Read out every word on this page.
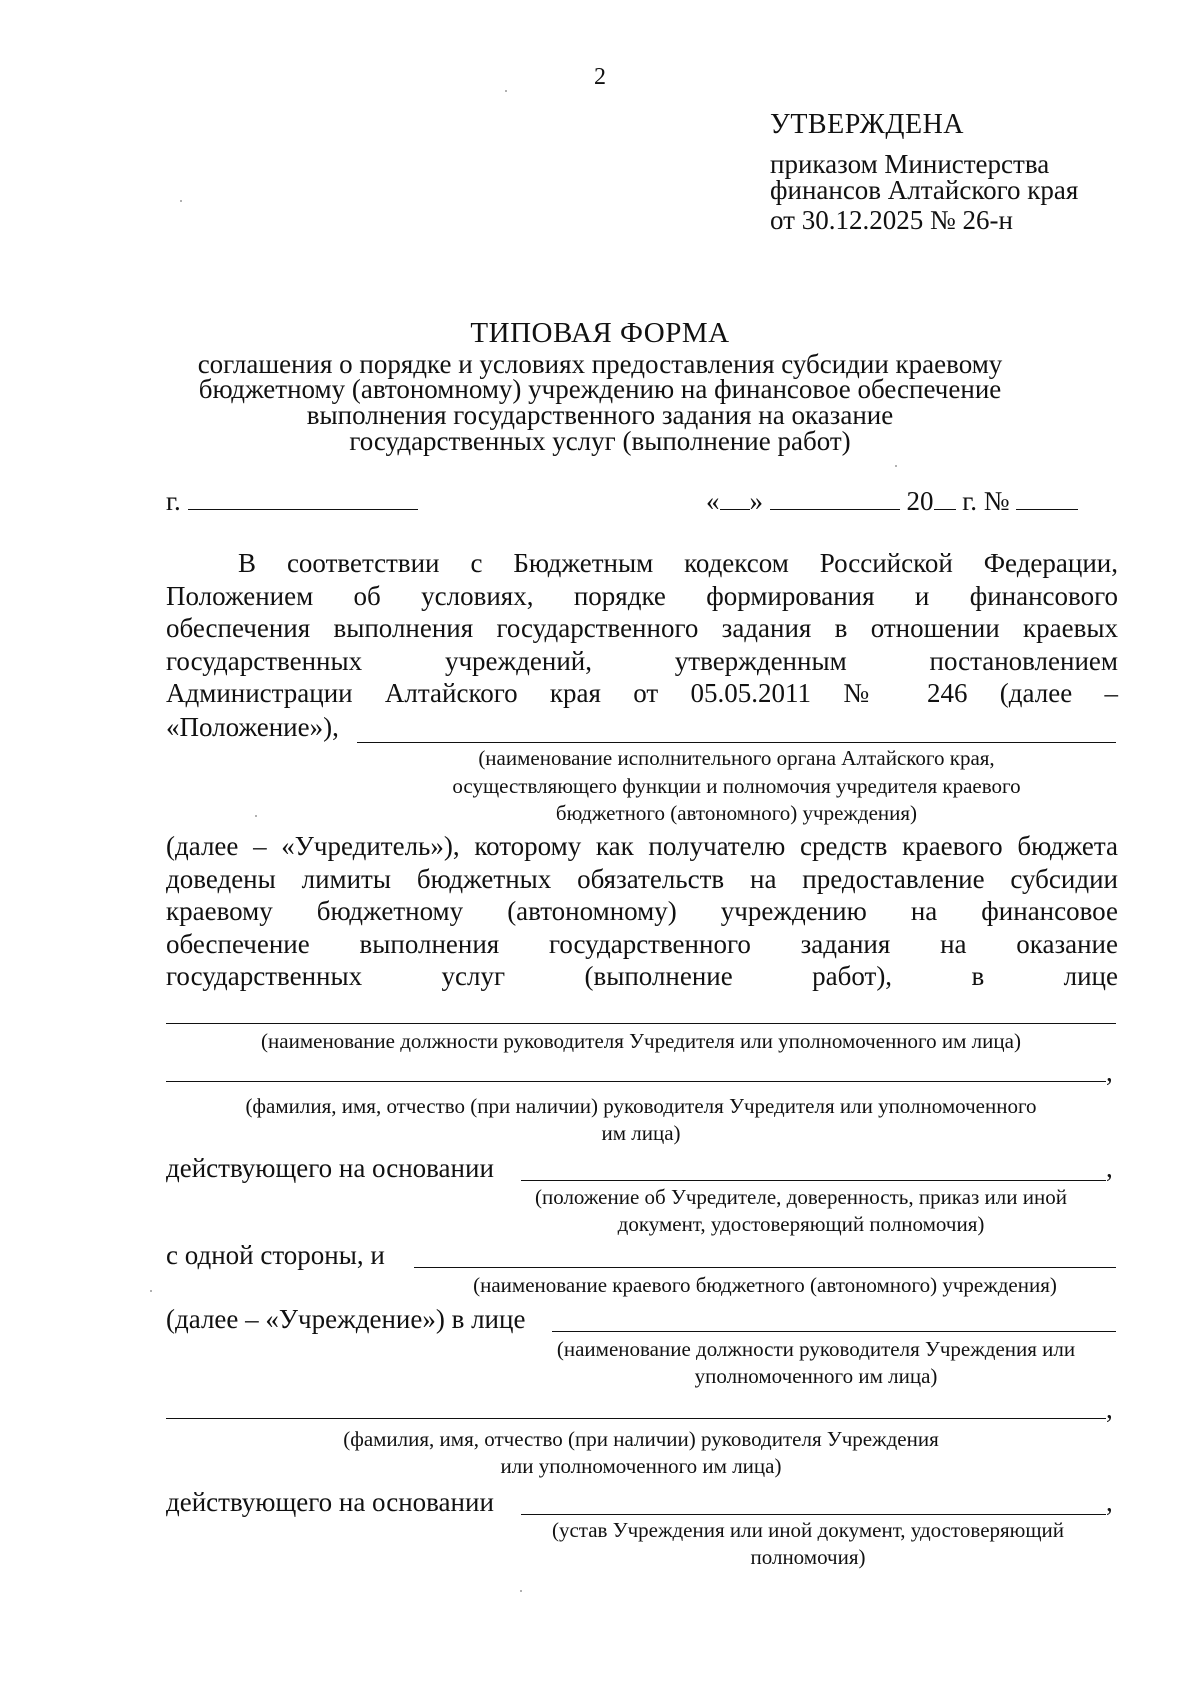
2
УТВЕРЖДЕНА
приказом Министерства
финансов Алтайского края
от 30.12.2025 № 26-н
ТИПОВАЯ ФОРМА
соглашения о порядке и условиях предоставления субсидии краевому
бюджетному (автономному) учреждению на финансовое обеспечение
выполнения государственного задания на оказание
государственных услуг (выполнение работ)
г.	« »	20 г. №
В соответствии с Бюджетным кодексом Российской Федерации,
Положением об условиях, порядке формирования и финансового
обеспечения выполнения государственного задания в отношении краевых
государственных учреждений, утвержденным постановлением
Администрации Алтайского края от 05.05.2011 № 246 (далее –
«Положение»),
(наименование исполнительного органа Алтайского края,
осуществляющего функции и полномочия учредителя краевого
бюджетного (автономного) учреждения)
(далее – «Учредитель»), которому как получателю средств краевого бюджета
доведены лимиты бюджетных обязательств на предоставление субсидии
краевому бюджетному (автономному) учреждению на финансовое
обеспечение выполнения государственного задания на оказание
государственных услуг (выполнение работ), в лице
(наименование должности руководителя Учредителя или уполномоченного им лица)
,
(фамилия, имя, отчество (при наличии) руководителя Учредителя или уполномоченного
им лица)
действующего на основании	,
(положение об Учредителе, доверенность, приказ или иной
документ, удостоверяющий полномочия)
с одной стороны, и
(наименование краевого бюджетного (автономного) учреждения)
(далее – «Учреждение») в лице
(наименование должности руководителя Учреждения или
уполномоченного им лица)
,
(фамилия, имя, отчество (при наличии) руководителя Учреждения
или уполномоченного им лица)
действующего на основании	,
(устав Учреждения или иной документ, удостоверяющий
полномочия)
